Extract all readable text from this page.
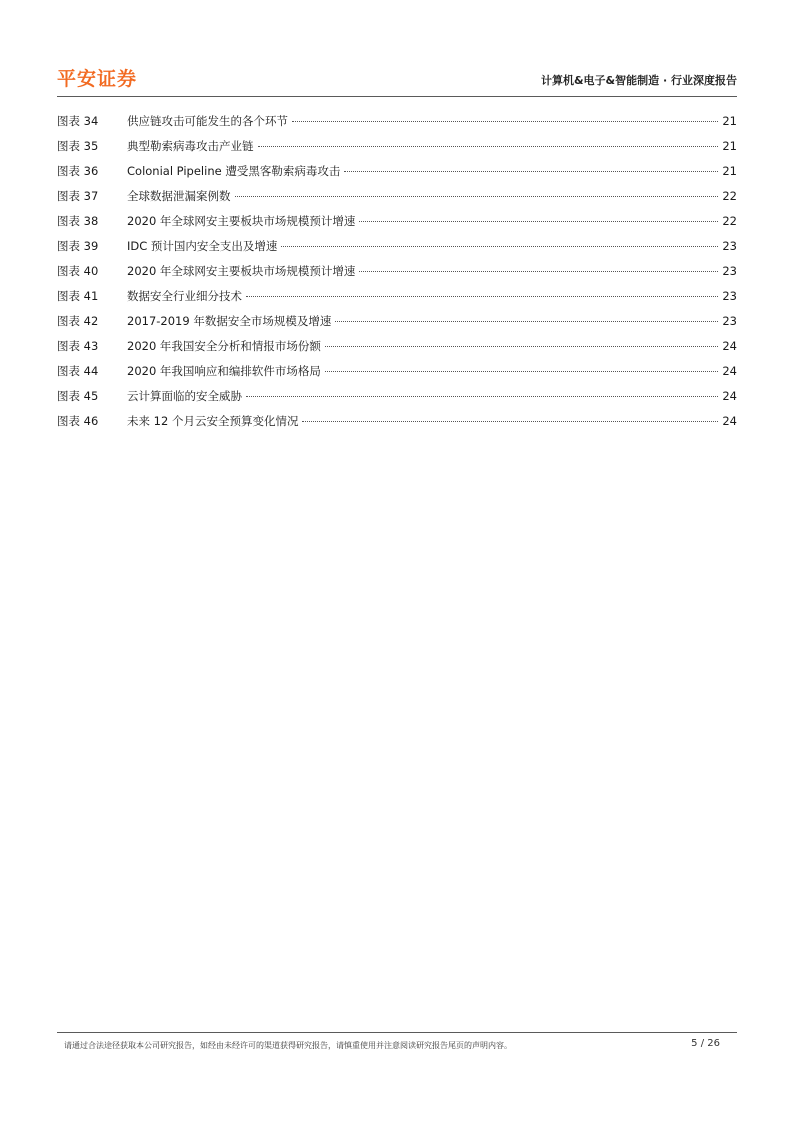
平安证券	计算机&电子&智能制造 · 行业深度报告
图表 34	供应链攻击可能发生的各个环节	21
图表 35	典型勒索病毒攻击产业链	21
图表 36	Colonial Pipeline 遭受黑客勒索病毒攻击	21
图表 37	全球数据泄漏案例数	22
图表 38	2020 年全球网安主要板块市场规模预计增速	22
图表 39	IDC 预计国内安全支出及增速	23
图表 40	2020 年全球网安主要板块市场规模预计增速	23
图表 41	数据安全行业细分技术	23
图表 42	2017-2019 年数据安全市场规模及增速	23
图表 43	2020 年我国安全分析和情报市场份额	24
图表 44	2020 年我国响应和编排软件市场格局	24
图表 45	云计算面临的安全威胁	24
图表 46	未来 12 个月云安全预算变化情况	24
请通过合法途径获取本公司研究报告，如经由未经许可的渠道获得研究报告，请慎重使用并注意阅读研究报告尾页的声明内容。	5 / 26
